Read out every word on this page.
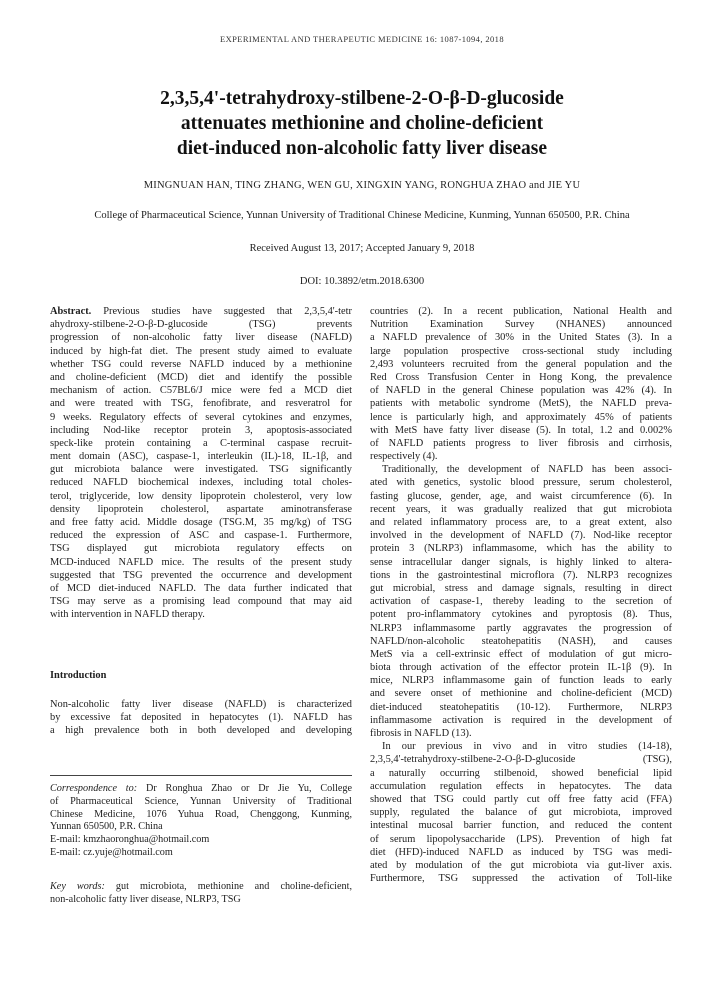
EXPERIMENTAL AND THERAPEUTIC MEDICINE 16: 1087-1094, 2018
2,3,5,4'-tetrahydroxy-stilbene-2-O-β-D-glucoside
attenuates methionine and choline-deficient
diet-induced non-alcoholic fatty liver disease
MINGNUAN HAN, TING ZHANG, WEN GU, XINGXIN YANG, RONGHUA ZHAO and JIE YU
College of Pharmaceutical Science, Yunnan University of Traditional Chinese Medicine, Kunming, Yunnan 650500, P.R. China
Received August 13, 2017; Accepted January 9, 2018
DOI: 10.3892/etm.2018.6300
Abstract. Previous studies have suggested that 2,3,5,4'-tetr
ahydroxy-stilbene-2-O-β-D-glucoside (TSG) prevents
progression of non-alcoholic fatty liver disease (NAFLD)
induced by high-fat diet. The present study aimed to evaluate
whether TSG could reverse NAFLD induced by a methionine
and choline-deficient (MCD) diet and identify the possible
mechanism of action. C57BL6/J mice were fed a MCD diet
and were treated with TSG, fenofibrate, and resveratrol for
9 weeks. Regulatory effects of several cytokines and enzymes,
including Nod-like receptor protein 3, apoptosis-associated
speck-like protein containing a C-terminal caspase recruit-
ment domain (ASC), caspase-1, interleukin (IL)-18, IL-1β, and
gut microbiota balance were investigated. TSG significantly
reduced NAFLD biochemical indexes, including total choles-
terol, triglyceride, low density lipoprotein cholesterol, very low
density lipoprotein cholesterol, aspartate aminotransferase
and free fatty acid. Middle dosage (TSG.M, 35 mg/kg) of TSG
reduced the expression of ASC and caspase-1. Furthermore,
TSG displayed gut microbiota regulatory effects on
MCD-induced NAFLD mice. The results of the present study
suggested that TSG prevented the occurrence and development
of MCD diet-induced NAFLD. The data further indicated that
TSG may serve as a promising lead compound that may aid
with intervention in NAFLD therapy.
Introduction
Non-alcoholic fatty liver disease (NAFLD) is characterized
by excessive fat deposited in hepatocytes (1). NAFLD has
a high prevalence both in both developed and developing
Correspondence to: Dr Ronghua Zhao or Dr Jie Yu, College
of Pharmaceutical Science, Yunnan University of Traditional
Chinese Medicine, 1076 Yuhua Road, Chenggong, Kunming,
Yunnan 650500, P.R. China
E-mail: kmzhaoronghua@hotmail.com
E-mail: cz.yuje@hotmail.com
Key words: gut microbiota, methionine and choline-deficient,
non-alcoholic fatty liver disease, NLRP3, TSG
countries (2). In a recent publication, National Health and
Nutrition Examination Survey (NHANES) announced
a NAFLD prevalence of 30% in the United States (3). In a
large population prospective cross-sectional study including
2,493 volunteers recruited from the general population and the
Red Cross Transfusion Center in Hong Kong, the prevalence
of NAFLD in the general Chinese population was 42% (4). In
patients with metabolic syndrome (MetS), the NAFLD preva-
lence is particularly high, and approximately 45% of patients
with MetS have fatty liver disease (5). In total, 1.2 and 0.002%
of NAFLD patients progress to liver fibrosis and cirrhosis,
respectively (4).
Traditionally, the development of NAFLD has been associ-
ated with genetics, systolic blood pressure, serum cholesterol,
fasting glucose, gender, age, and waist circumference (6). In
recent years, it was gradually realized that gut microbiota
and related inflammatory process are, to a great extent, also
involved in the development of NAFLD (7). Nod-like receptor
protein 3 (NLRP3) inflammasome, which has the ability to
sense intracellular danger signals, is highly linked to altera-
tions in the gastrointestinal microflora (7). NLRP3 recognizes
gut microbial, stress and damage signals, resulting in direct
activation of caspase-1, thereby leading to the secretion of
potent pro-inflammatory cytokines and pyroptosis (8). Thus,
NLRP3 inflammasome partly aggravates the progression of
NAFLD/non-alcoholic steatohepatitis (NASH), and causes
MetS via a cell-extrinsic effect of modulation of gut micro-
biota through activation of the effector protein IL-1β (9). In
mice, NLRP3 inflammasome gain of function leads to early
and severe onset of methionine and choline-deficient (MCD)
diet-induced steatohepatitis (10-12). Furthermore, NLRP3
inflammasome activation is required in the development of
fibrosis in NAFLD (13).
In our previous in vivo and in vitro studies (14-18),
2,3,5,4'-tetrahydroxy-stilbene-2-O-β-D-glucoside (TSG),
a naturally occurring stilbenoid, showed beneficial lipid
accumulation regulation effects in hepatocytes. The data
showed that TSG could partly cut off free fatty acid (FFA)
supply, regulated the balance of gut microbiota, improved
intestinal mucosal barrier function, and reduced the content
of serum lipopolysaccharide (LPS). Prevention of high fat
diet (HFD)-induced NAFLD as induced by TSG was medi-
ated by modulation of the gut microbiota via gut-liver axis.
Furthermore, TSG suppressed the activation of Toll-like
